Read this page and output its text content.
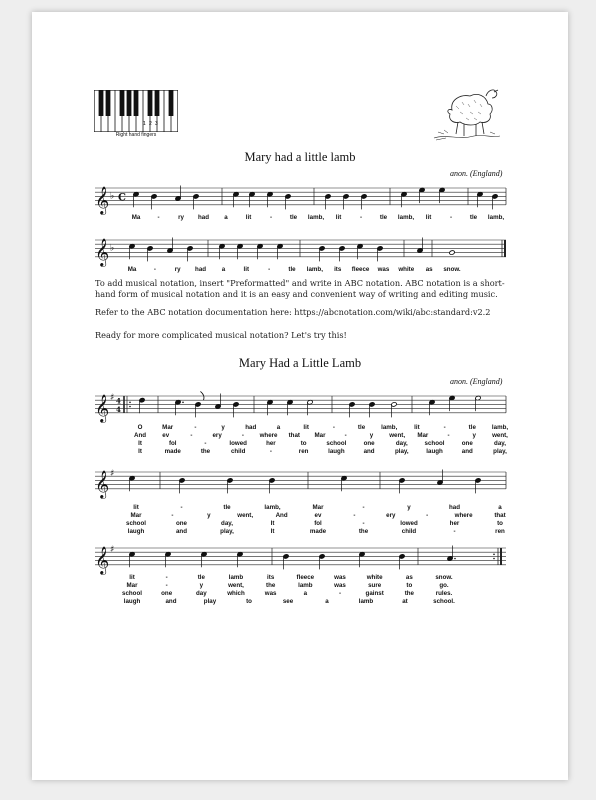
Right hand fingers
1 2 3
Mary had a little lamb
anon. (England)
𝄞 ♭ C
Ma	-	ry had a	lit	-	tle lamb, lit	-	tle lamb, lit	-	tle lamb,
𝄞 ♭
Ma	-	ry had	a	lit	-	tle lamb, its fleece was white as snow.
To add musical notation, insert "Preformatted" and write in ABC notation. ABC notation is a short-hand form of musical notation and it is an easy and convenient way of writing and editing music.
Refer to the ABC notation documentation here: https://abcnotation.com/wiki/abc:standard:v2.2
Ready for more complicated musical notation? Let's try this!
Mary Had a Little Lamb
anon. (England)
𝄞 ♯ 4
4
O	Mar	-	y	had	a	lit	-	tle	lamb,	lit	-	tle	lamb,
And	ev	-	ery	-	where that Mar	-	y	went, Mar	-	y	went,
It	fol	-	lowed	her	to	school	one	day,	school	one	day,
It	made	the	child	-	ren	laugh	and	play,	laugh	and	play,
𝄞 ♯
lit	-	tle	lamb,	Mar	-	y	had	a
Mar	-	y	went,	And	ev	-	ery	-	where	that
school	one	day,	It	fol	-	lowed	her	to
laugh	and	play,	It	made	the	child	-	ren
𝄞 ♯
lit	-	tle	lamb	its	fleece	was	white	as	snow.
Mar	-	y	went,	the	lamb	was	sure	to	go.
school	one	day	which	was	a	-	gainst	the	rules.
laugh	and	play	to	see	a	lamb	at	school.
